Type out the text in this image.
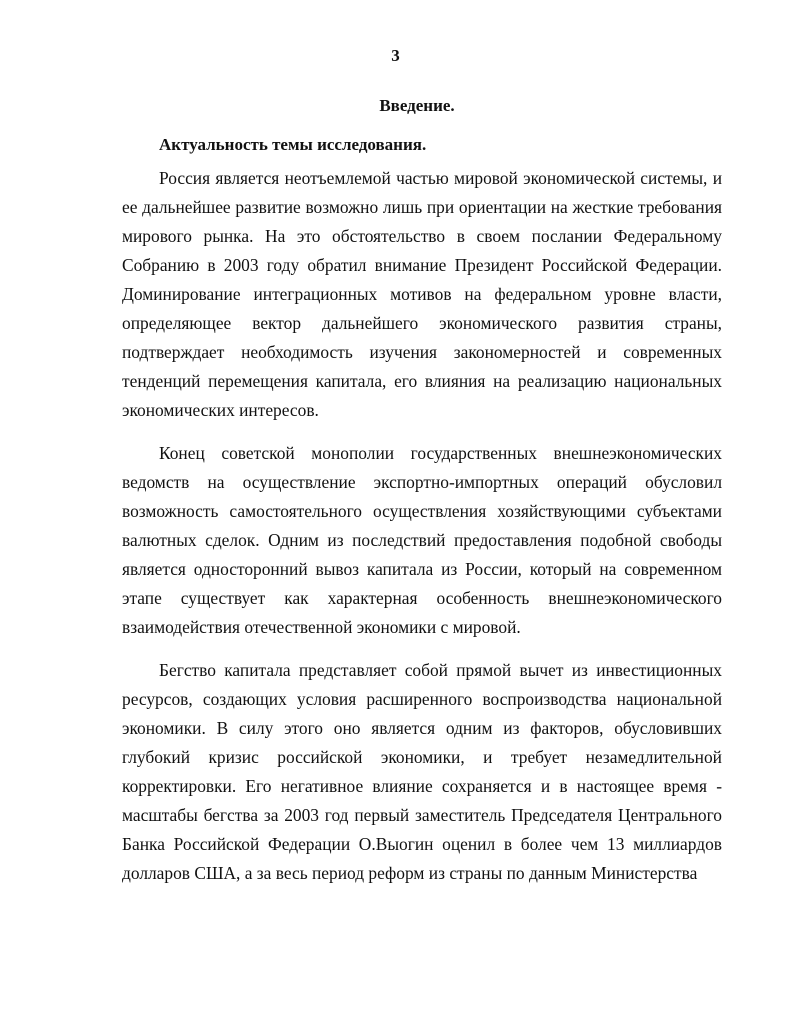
3
Введение.
Актуальность темы исследования.

Россия является неотъемлемой частью мировой экономической системы, и ее дальнейшее развитие возможно лишь при ориентации на жесткие требования мирового рынка. На это обстоятельство в своем послании Федеральному Собранию в 2003 году обратил внимание Президент Российской Федерации. Доминирование интеграционных мотивов на федеральном уровне власти, определяющее вектор дальнейшего экономического развития страны, подтверждает необходимость изучения закономерностей и современных тенденций перемещения капитала, его влияния на реализацию национальных экономических интересов.

Конец советской монополии государственных внешнеэкономических ведомств на осуществление экспортно-импортных операций обусловил возможность самостоятельного осуществления хозяйствующими субъектами валютных сделок. Одним из последствий предоставления подобной свободы является односторонний вывоз капитала из России, который на современном этапе существует как характерная особенность внешнеэкономического взаимодействия отечественной экономики с мировой.

Бегство капитала представляет собой прямой вычет из инвестиционных ресурсов, создающих условия расширенного воспроизводства национальной экономики. В силу этого оно является одним из факторов, обусловивших глубокий кризис российской экономики, и требует незамедлительной корректировки. Его негативное влияние сохраняется и в настоящее время - масштабы бегства за 2003 год первый заместитель Председателя Центрального Банка Российской Федерации О.Выогин оценил в более чем 13 миллиардов долларов США, а за весь период реформ из страны по данным Министерства
